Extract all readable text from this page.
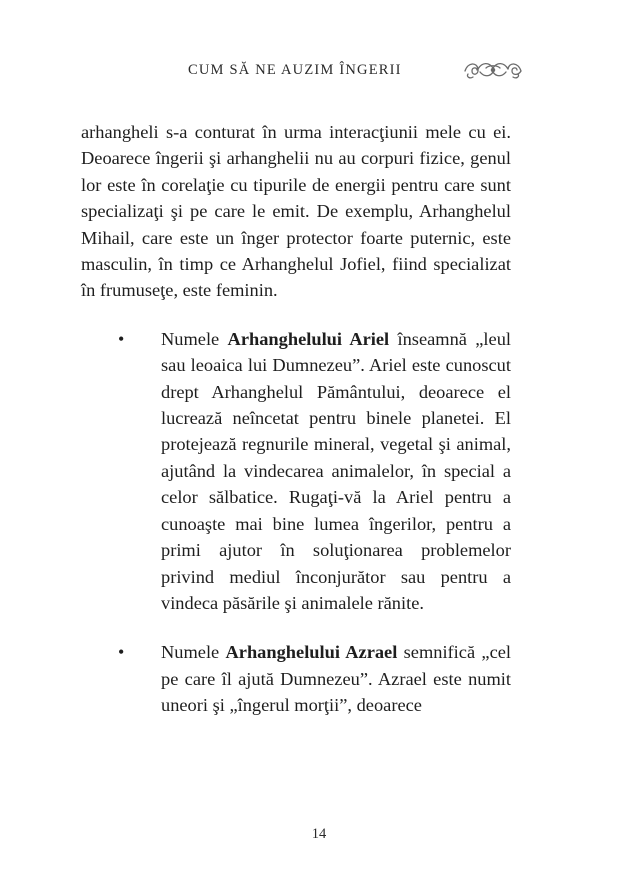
CUM SĂ NE AUZIM ÎNGERII

arhangheli s-a conturat în urma interacţiunii mele cu ei. Deoarece îngerii şi arhanghelii nu au corpuri fizice, genul lor este în corelaţie cu tipurile de energii pentru care sunt specializaţi şi pe care le emit. De exemplu, Arhanghelul Mihail, care este un înger protector foarte puternic, este masculin, în timp ce Arhanghelul Jofiel, fiind specializat în frumuseţe, este feminin.

• Numele Arhanghelului Ariel înseamnă „leul sau leoaica lui Dumnezeu”. Ariel este cunoscut drept Arhanghelul Pământului, deoarece el lucrează neîncetat pentru binele planetei. El protejează regnurile mineral, vegetal şi animal, ajutând la vindecarea animalelor, în special a celor sălbatice. Rugaţi-vă la Ariel pentru a cunoaşte mai bine lumea îngerilor, pentru a primi ajutor în soluţionarea problemelor privind mediul înconjurător sau pentru a vindeca păsările şi animalele rănite.
• Numele Arhanghelului Azrael semnifică „cel pe care îl ajută Dumnezeu”. Azrael este numit uneori şi „îngerul morţii”, deoarece
14
